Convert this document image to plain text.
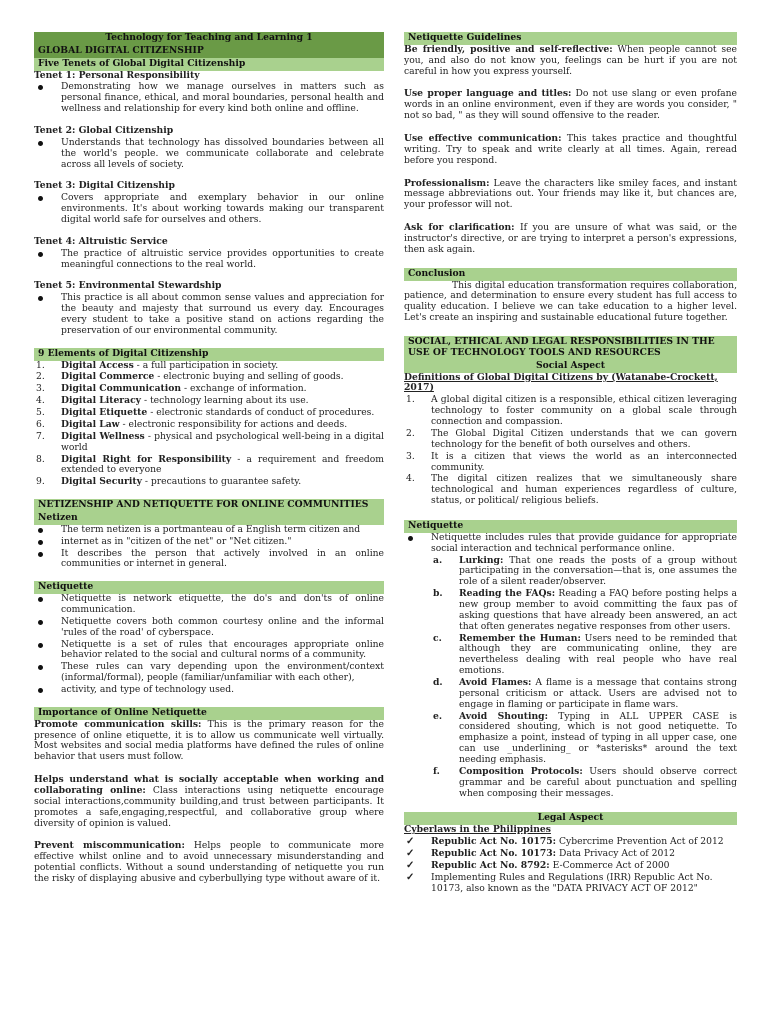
Technology for Teaching and Learning 1
GLOBAL DIGITAL CITIZENSHIP
Five Tenets of Global Digital Citizenship
Tenet 1: Personal Responsibility
Demonstrating how we manage ourselves in matters such as personal finance, ethical, and moral boundaries, personal health and wellness and relationship for every kind both online and offline.
Tenet 2: Global Citizenship
Understands that technology has dissolved boundaries between all the world's people. we communicate collaborate and celebrate across all levels of society.
Tenet 3: Digital Citizenship
Covers appropriate and exemplary behavior in our online environments. It's about working towards making our transparent digital world safe for ourselves and others.
Tenet 4: Altruistic Service
The practice of altruistic service provides opportunities to create meaningful connections to the real world.
Tenet 5: Environmental Stewardship
This practice is all about common sense values and appreciation for the beauty and majesty that surround us every day. Encourages every student to take a positive stand on actions regarding the preservation of our environmental community.
9 Elements of Digital Citizenship
1. Digital Access - a full participation in society.
2. Digital Commerce - electronic buying and selling of goods.
3. Digital Communication - exchange of information.
4. Digital Literacy - technology learning about its use.
5. Digital Etiquette - electronic standards of conduct of procedures.
6. Digital Law - electronic responsibility for actions and deeds.
7. Digital Wellness - physical and psychological well-being in a digital world
8. Digital Right for Responsibility - a requirement and freedom extended to everyone
9. Digital Security - precautions to guarantee safety.
NETIZENSHIP AND NETIQUETTE FOR ONLINE COMMUNITIES
Netizen
The term netizen is a portmanteau of a English term citizen and
internet as in "citizen of the net" or "Net citizen."
It describes the person that actively involved in an online communities or internet in general.
Netiquette
Netiquette is network etiquette, the do's and don'ts of online communication.
Netiquette covers both common courtesy online and the informal 'rules of the road' of cyberspace.
Netiquette is a set of rules that encourages appropriate online behavior related to the social and cultural norms of a community.
These rules can vary depending upon the environment/context (informal/formal), people (familiar/unfamiliar with each other),
activity, and type of technology used.
Importance of Online Netiquette

Promote communication skills: This is the primary reason for the presence of online etiquette, it is to allow us communicate well virtually. Most websites and social media platforms have defined the rules of online behavior that users must follow.

Helps understand what is socially acceptable when working and collaborating online: Class interactions using netiquette encourage social interactions,community building,and trust between participants. It promotes a safe,engaging,respectful, and collaborative group where diversity of opinion is valued.

Prevent miscommunication: Helps people to communicate more effective whilst online and to avoid unnecessary misunderstanding and potential conflicts. Without a sound understanding of netiquette you run the risky of displaying abusive and cyberbullying type without aware of it.

Netiquette Guidelines

Be friendly, positive and self-reflective: When people cannot see you, and also do not know you, feelings can be hurt if you are not careful in how you express yourself.

Use proper language and titles: Do not use slang or even profane words in an online environment, even if they are words you consider, " not so bad, " as they will sound offensive to the reader.

Use effective communication: This takes practice and thoughtful writing. Try to speak and write clearly at all times. Again, reread before you respond.

Professionalism: Leave the characters like smiley faces, and instant message abbreviations out. Your friends may like it, but chances are, your professor will not.

Ask for clarification: If you are unsure of what was said, or the instructor's directive, or are trying to interpret a person's expressions, then ask again.

Conclusion

This digital education transformation requires collaboration, patience, and determination to ensure every student has full access to quality education. I believe we can take education to a higher level. Let's create an inspiring and sustainable educational future together.

SOCIAL, ETHICAL AND LEGAL RESPONSIBILITIES IN THE USE OF TECHNOLOGY TOOLS AND RESOURCES
Social Aspect
Definitions of Global Digital Citizens by (Watanabe-Crockett, 2017)
1. A global digital citizen is a responsible, ethical citizen leveraging technology to foster community on a global scale through connection and compassion.
2. The Global Digital Citizen understands that we can govern technology for the benefit of both ourselves and others.
3. It is a citizen that views the world as an interconnected community.
4. The digital citizen realizes that we simultaneously share technological and human experiences regardless of culture, status, or political/ religious beliefs.
Netiquette
Netiquette includes rules that provide guidance for appropriate social interaction and technical performance online.
a. Lurking: That one reads the posts of a group without participating in the conversation—that is, one assumes the role of a silent reader/observer.
b. Reading the FAQs: Reading a FAQ before posting helps a new group member to avoid committing the faux pas of asking questions that have already been answered, an act that often generates negative responses from other users.
c. Remember the Human: Users need to be reminded that although they are communicating online, they are nevertheless dealing with real people who have real emotions.
d. Avoid Flames: A flame is a message that contains strong personal criticism or attack. Users are advised not to engage in flaming or participate in flame wars.
e. Avoid Shouting: Typing in ALL UPPER CASE is considered shouting, which is not good netiquette. To emphasize a point, instead of typing in all upper case, one can use _underlining_ or *asterisks* around the text needing emphasis.
f. Composition Protocols: Users should observe correct grammar and be careful about punctuation and spelling when composing their messages.
Legal Aspect
Cyberlaws in the Philippines
✓ Republic Act No. 10175: Cybercrime Prevention Act of 2012
✓ Republic Act No. 10173: Data Privacy Act of 2012
✓ Republic Act No. 8792: E-Commerce Act of 2000
✓ Implementing Rules and Regulations (IRR) Republic Act No. 10173, also known as the "DATA PRIVACY ACT OF 2012"
